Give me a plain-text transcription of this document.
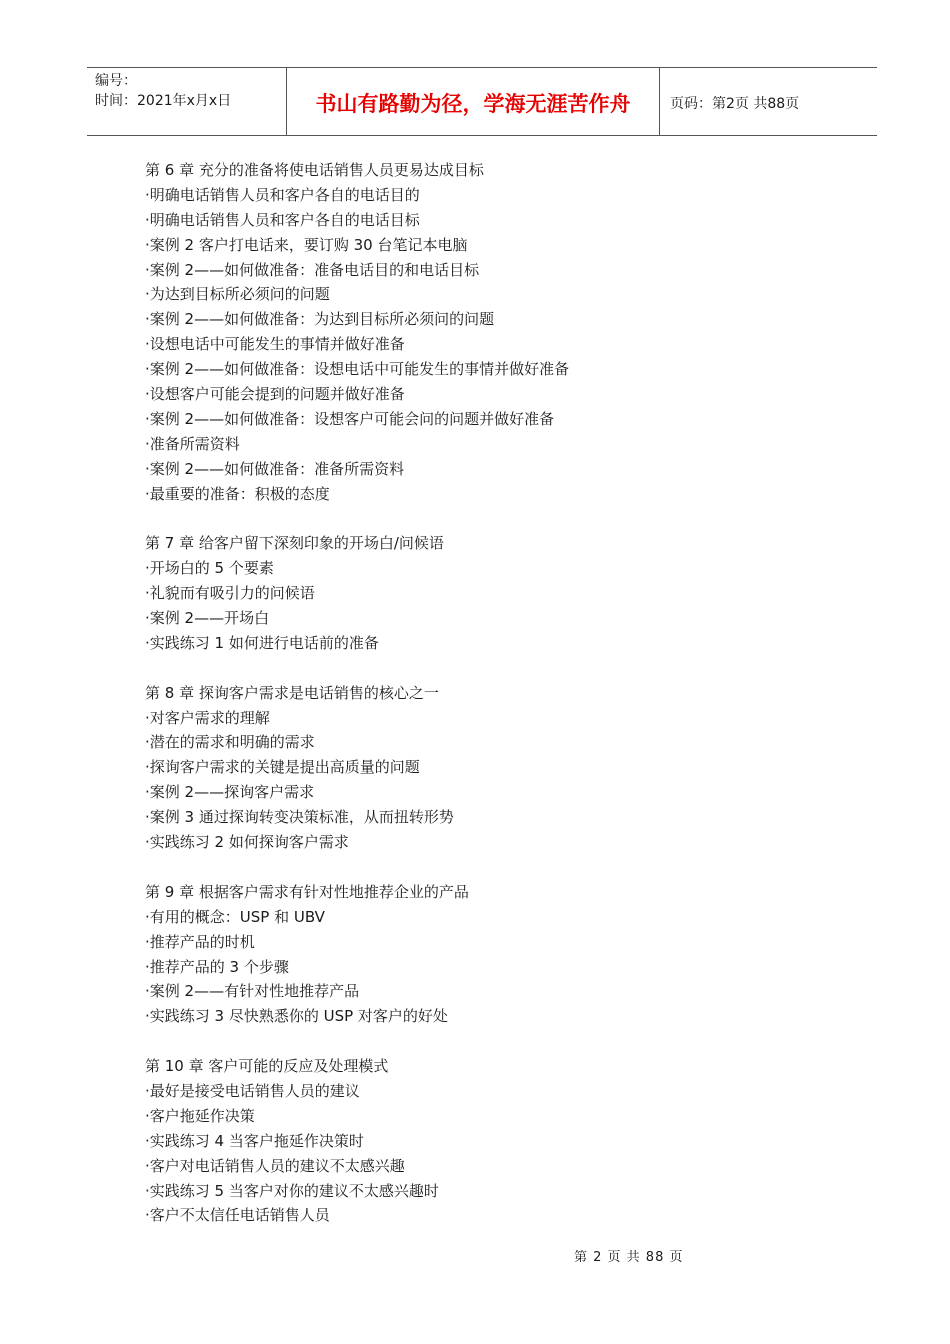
编号：
时间：2021年x月x日	书山有路勤为径，学海无涯苦作舟	页码：第2页 共88页
第 6 章 充分的准备将使电话销售人员更易达成目标
·明确电话销售人员和客户各自的电话目的
·明确电话销售人员和客户各自的电话目标
·案例 2 客户打电话来，要订购 30 台笔记本电脑
·案例 2——如何做准备：准备电话目的和电话目标
·为达到目标所必须问的问题
·案例 2——如何做准备：为达到目标所必须问的问题
·设想电话中可能发生的事情并做好准备
·案例 2——如何做准备：设想电话中可能发生的事情并做好准备
·设想客户可能会提到的问题并做好准备
·案例 2——如何做准备：设想客户可能会问的问题并做好准备
·准备所需资料
·案例 2——如何做准备：准备所需资料
·最重要的准备：积极的态度
第 7 章 给客户留下深刻印象的开场白/问候语
·开场白的 5 个要素
·礼貌而有吸引力的问候语
·案例 2——开场白
·实践练习 1 如何进行电话前的准备
第 8 章 探询客户需求是电话销售的核心之一
·对客户需求的理解
·潜在的需求和明确的需求
·探询客户需求的关键是提出高质量的问题
·案例 2——探询客户需求
·案例 3 通过探询转变决策标准，从而扭转形势
·实践练习 2 如何探询客户需求
第 9 章 根据客户需求有针对性地推荐企业的产品
·有用的概念：USP 和 UBV
·推荐产品的时机
·推荐产品的 3 个步骤
·案例 2——有针对性地推荐产品
·实践练习 3 尽快熟悉你的 USP 对客户的好处
第 10 章 客户可能的反应及处理模式
·最好是接受电话销售人员的建议
·客户拖延作决策
·实践练习 4 当客户拖延作决策时
·客户对电话销售人员的建议不太感兴趣
·实践练习 5 当客户对你的建议不太感兴趣时
·客户不太信任电话销售人员
第 2 页 共 88 页
